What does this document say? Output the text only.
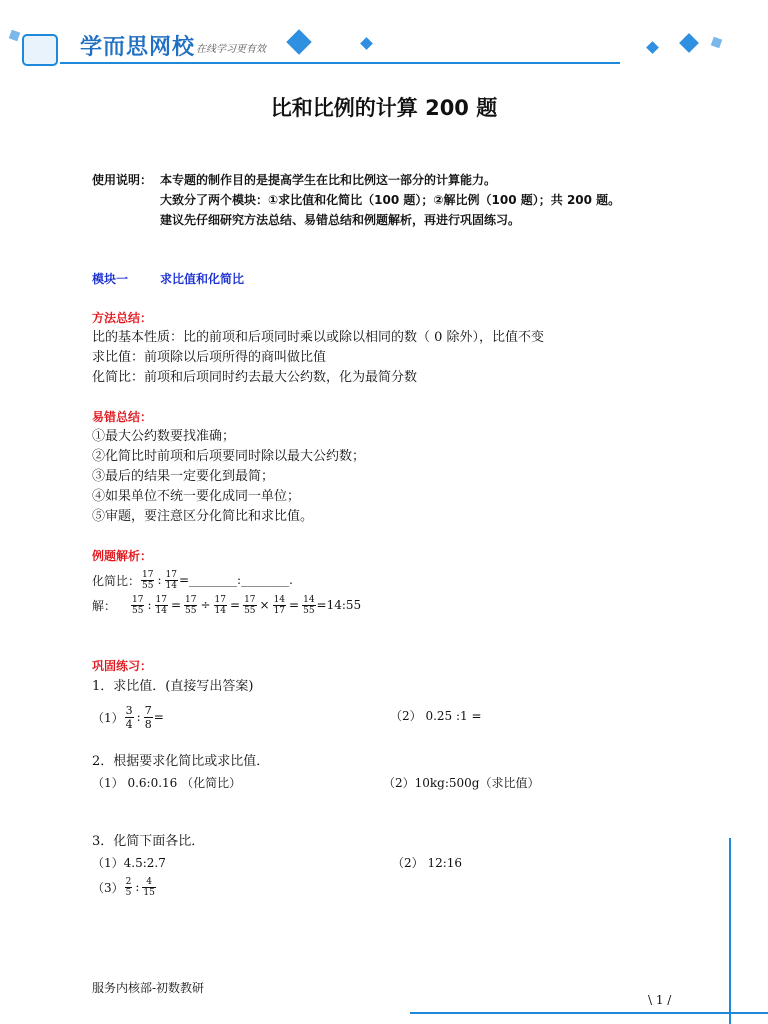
学而思网校 在线学习更有效
比和比例的计算 200 题
使用说明： 本专题的制作目的是提高学生在比和比例这一部分的计算能力。
大致分了两个模块：①求比值和化简比（100 题）；②解比例（100 题）；共 200 题。
建议先仔细研究方法总结、易错总结和例题解析，再进行巩固练习。
模块一	求比值和化简比
方法总结：
比的基本性质：比的前项和后项同时乘以或除以相同的数（ 0 除外），比值不变
求比值：前项除以后项所得的商叫做比值
化简比：前项和后项同时约去最大公约数，化为最简分数
易错总结：
①最大公约数要找准确；
②化简比时前项和后项要同时除以最大公约数；
③最后的结果一定要化到最简；
④如果单位不统一要化成同一单位；
⑤审题，要注意区分化简比和求比值。
例题解析：
化简比： $\frac{17}{55}$ : $\frac{17}{14}$ =________:________.
解： $\frac{17}{55}$ : $\frac{17}{14} = \frac{17}{55} \div \frac{17}{14} = \frac{17}{55} \times \frac{14}{17} = \frac{14}{55}$ =14:55
巩固练习：
1．求比值．(直接写出答案)
$(1) \frac{3}{4}$ : $\frac{7}{8}$ =	（2） 0.25 :1 =
2．根据要求化简比或求比值．
（1） 0.6:0.16 （化简比）	（2）10kg:500g（求比值）
3．化简下面各比．
（1）4.5:2.7	（2） 12:16
$(3) \frac{2}{5}$ : $\frac{4}{15}$
服务内核部-初数教研
\ 1 /
